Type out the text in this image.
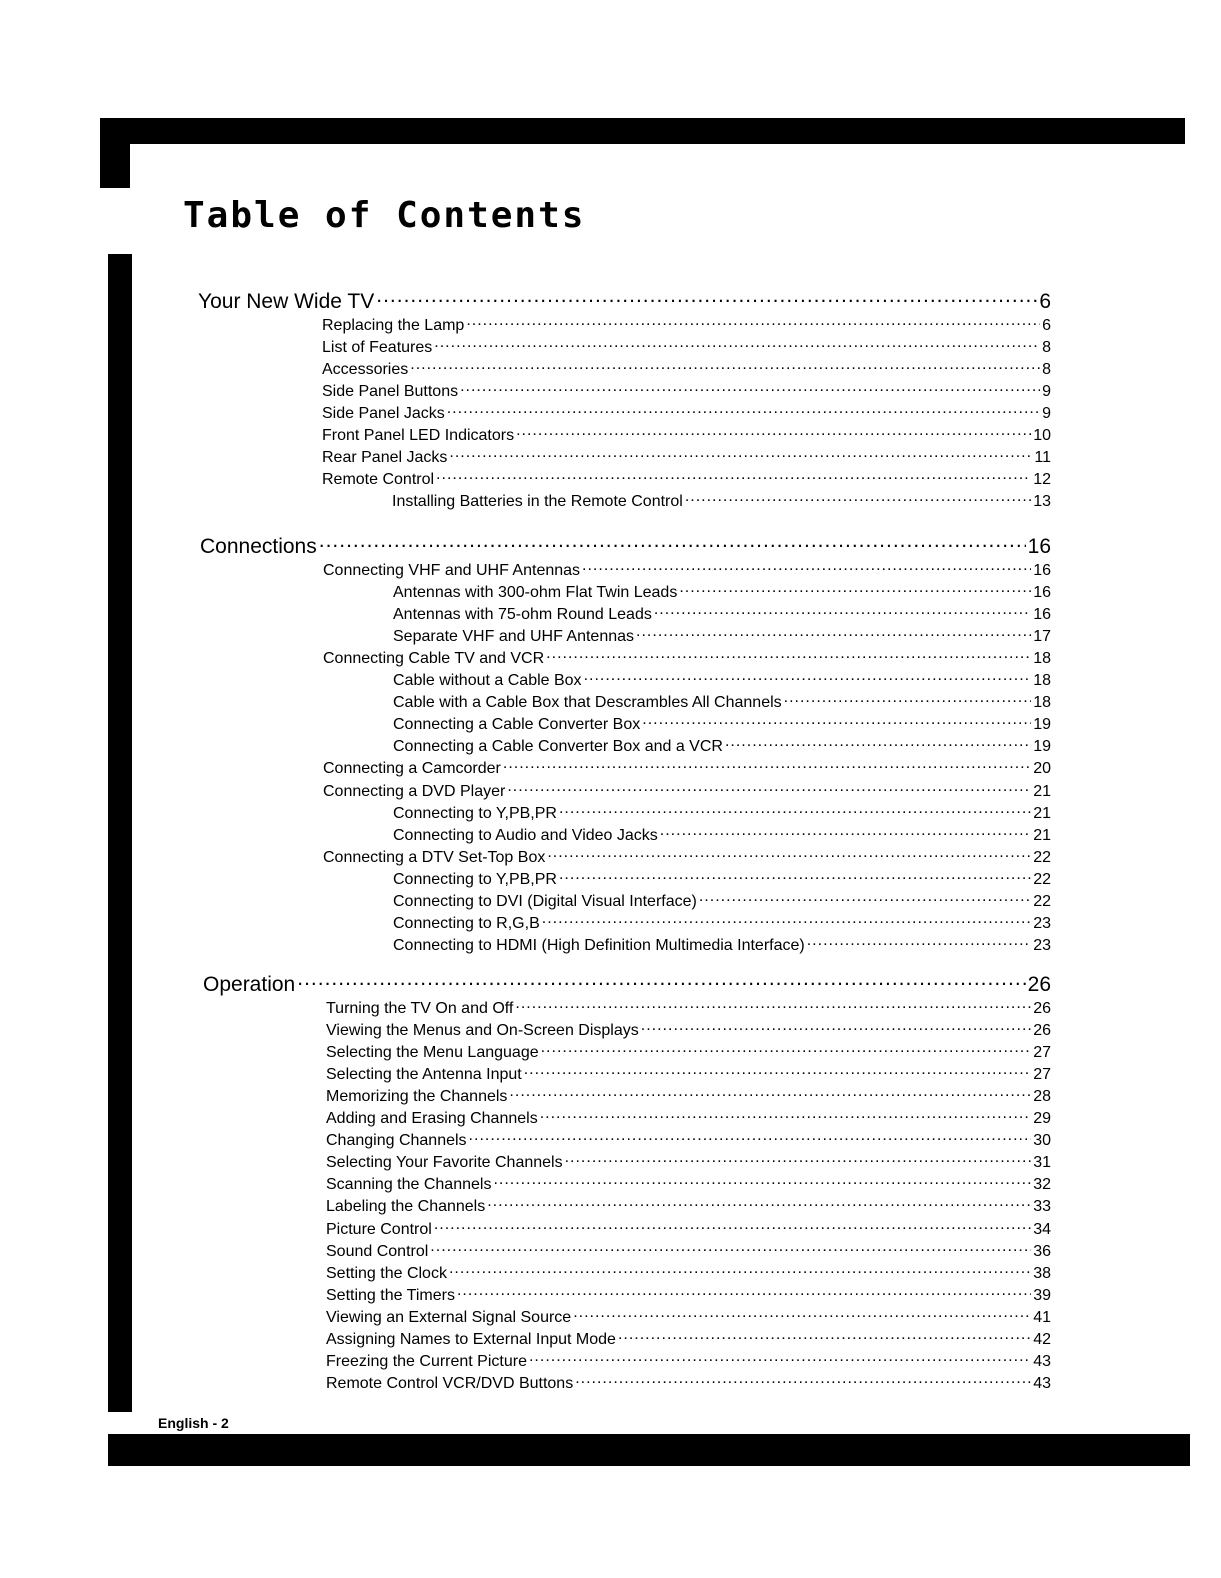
Table of Contents
Your New Wide TV .....	6
Replacing the Lamp .....	6
List of Features .....	8
Accessories .....	8
Side Panel Buttons .....	9
Side Panel Jacks .....	9
Front Panel LED Indicators .....	10
Rear Panel Jacks .....	11
Remote Control .....	12
Installing Batteries in the Remote Control .....	13
Connections .....	16
Connecting VHF and UHF Antennas .....	16
Antennas with 300-ohm Flat Twin Leads .....	16
Antennas with 75-ohm Round Leads .....	16
Separate VHF and UHF Antennas .....	17
Connecting Cable TV and VCR .....	18
Cable without a Cable Box .....	18
Cable with a Cable Box that Descrambles All Channels .....	18
Connecting a Cable Converter Box .....	19
Connecting a Cable Converter Box and a VCR .....	19
Connecting a Camcorder .....	20
Connecting a DVD Player .....	21
Connecting to Y,PB,PR .....	21
Connecting to Audio and Video Jacks .....	21
Connecting a DTV Set-Top Box .....	22
Connecting to Y,PB,PR .....	22
Connecting to DVI (Digital Visual Interface) .....	22
Connecting to R,G,B .....	23
Connecting to HDMI (High Definition Multimedia Interface) .....	23
Operation .....	26
Turning the TV On and Off .....	26
Viewing the Menus and On-Screen Displays .....	26
Selecting the Menu Language .....	27
Selecting the Antenna Input .....	27
Memorizing the Channels .....	28
Adding and Erasing Channels .....	29
Changing Channels .....	30
Selecting Your Favorite Channels .....	31
Scanning the Channels .....	32
Labeling the Channels .....	33
Picture Control .....	34
Sound Control .....	36
Setting the Clock .....	38
Setting the Timers .....	39
Viewing an External Signal Source .....	41
Assigning Names to External Input Mode .....	42
Freezing the Current Picture .....	43
Remote Control VCR/DVD Buttons .....	43
English - 2
